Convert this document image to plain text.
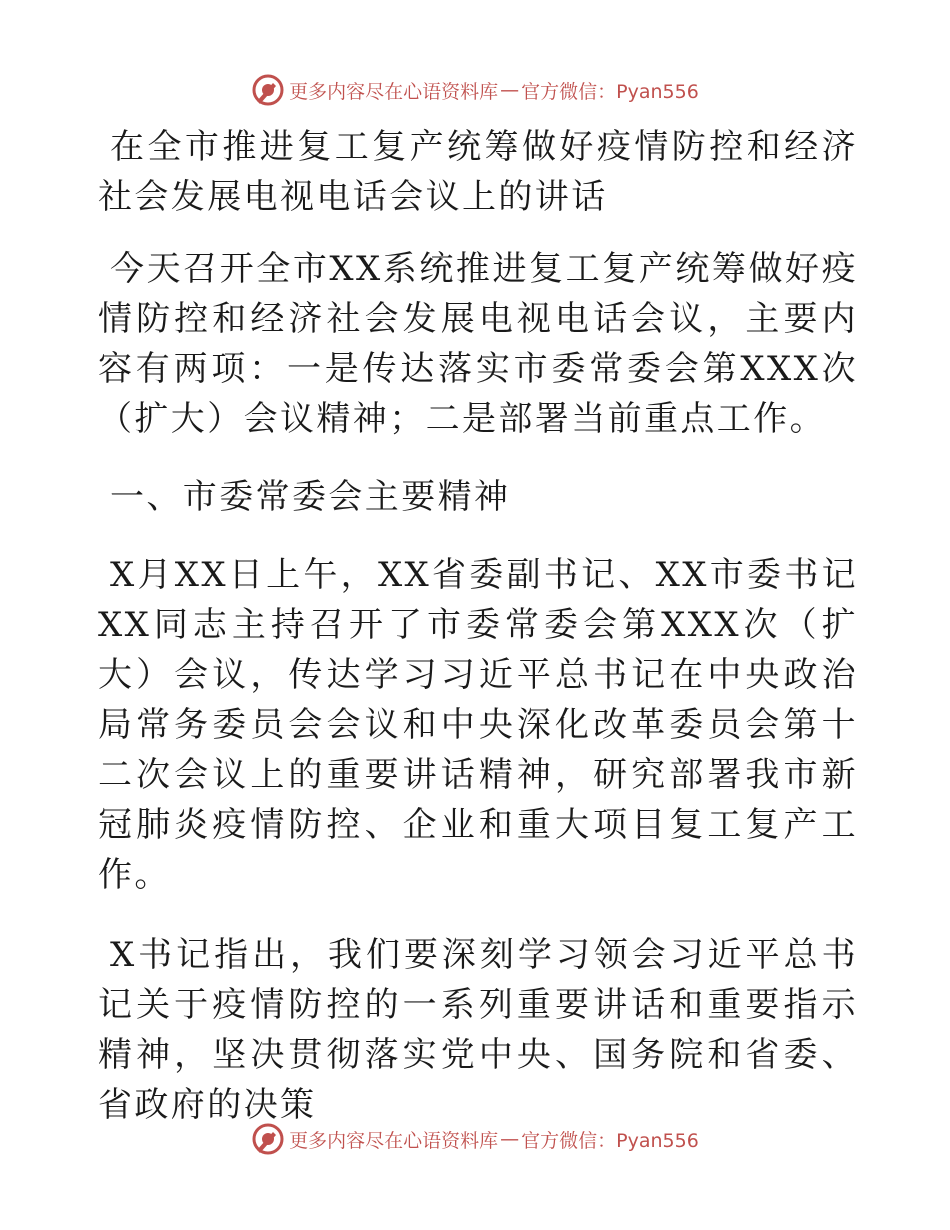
更多内容尽在心语资料库 — 官方微信：Pyan556

在全市推进复工复产统筹做好疫情防控和经济社会发展电视电话会议上的讲话

今天召开全市XX系统推进复工复产统筹做好疫情防控和经济社会发展电视电话会议，主要内容有两项：一是传达落实市委常委会第XXX次（扩大）会议精神；二是部署当前重点工作。

一、市委常委会主要精神

X月XX日上午，XX省委副书记、XX市委书记XX同志主持召开了市委常委会第XXX次（扩大）会议，传达学习习近平总书记在中央政治局常务委员会会议和中央深化改革委员会第十二次会议上的重要讲话精神，研究部署我市新冠肺炎疫情防控、企业和重大项目复工复产工作。

X书记指出，我们要深刻学习领会习近平总书记关于疫情防控的一系列重要讲话和重要指示精神，坚决贯彻落实党中央、国务院和省委、省政府的决策

更多内容尽在心语资料库 — 官方微信：Pyan556
